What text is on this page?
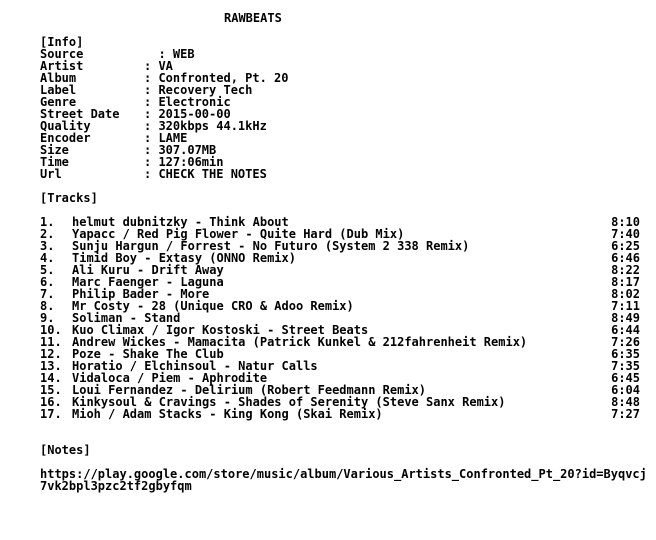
RAWBEATS
[Info]
Source	: WEB
Artist	: VA
Album	: Confronted, Pt. 20
Label	: Recovery Tech
Genre	: Electronic
Street Date : 2015-00-00
Quality	: 320kbps 44.1kHz
Encoder	: LAME
Size	: 307.07MB
Time	: 127:06min
Url	: CHECK THE NOTES
[Tracks]
1. helmut dubnitzky - Think About	8:10
2. Yapacc / Red Pig Flower - Quite Hard (Dub Mix)	7:40
3. Sunju Hargun / Forrest - No Futuro (System 2 338 Remix)	6:25
4. Timid Boy - Extasy (ONNO Remix)	6:46
5. Ali Kuru - Drift Away	8:22
6. Marc Faenger - Laguna	8:17
7. Philip Bader - More	8:02
8. Mr Costy - 28 (Unique CRO & Adoo Remix)	7:11
9. Soliman - Stand	8:49
10. Kuo Climax / Igor Kostoski - Street Beats	6:44
11. Andrew Wickes - Mamacita (Patrick Kunkel & 212fahrenheit Remix)	7:26
12. Poze - Shake The Club	6:35
13. Horatio / Elchinsoul - Natur Calls	7:35
14. Vidaloca / Piem - Aphrodite	6:45
15. Loui Fernandez - Delirium (Robert Feedmann Remix)	6:04
16. Kinkysoul & Cravings - Shades of Serenity (Steve Sanx Remix)	8:48
17. Mioh / Adam Stacks - King Kong (Skai Remix)	7:27
[Notes]
https://play.google.com/store/music/album/Various_Artists_Confronted_Pt_20?id=Byqvcj7vk2bpl3pzc2tf2gbyfqm
